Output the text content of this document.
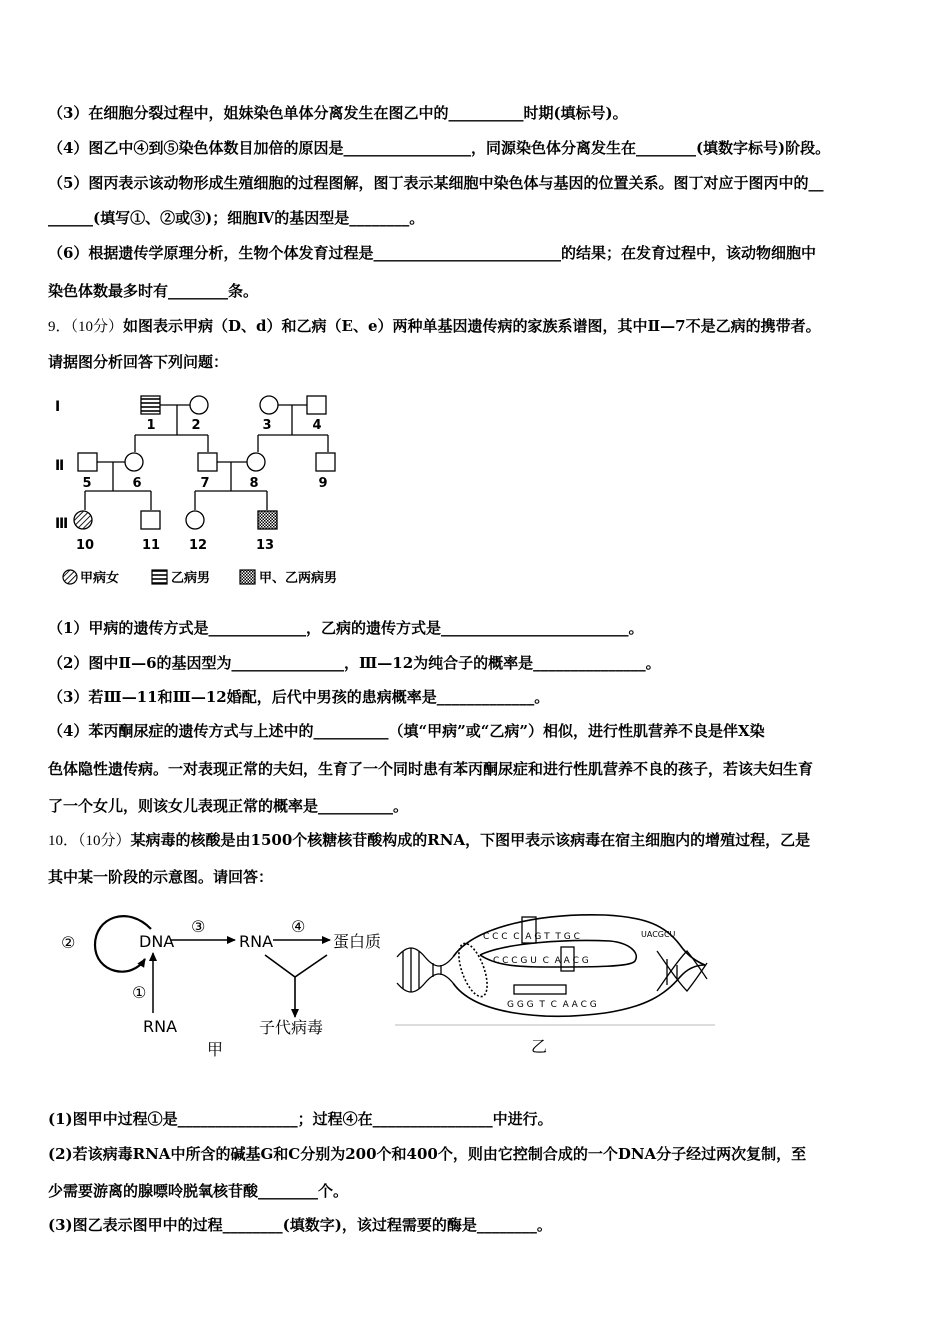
（3）在细胞分裂过程中，姐妹染色单体分离发生在图乙中的__________时期(填标号)。
（4）图乙中④到⑤染色体数目加倍的原因是_________________，同源染色体分离发生在________(填数字标号)阶段。
（5）图丙表示该动物形成生殖细胞的过程图解，图丁表示某细胞中染色体与基因的位置关系。图丁对应于图丙中的__
______(填写①、②或③)；细胞Ⅳ的基因型是________。
（6）根据遗传学原理分析，生物个体发育过程是_________________________的结果；在发育过程中，该动物细胞中
染色体数最多时有________条。
9．（10分）如图表示甲病（D、d）和乙病（E、e）两种单基因遗传病的家族系谱图，其中Ⅱ—7不是乙病的携带者。
请据图分析回答下列问题：
Ⅰ
Ⅱ
Ⅲ
1	2	3	4
5	6	7	8	9
10	11 12	13
甲病女	乙病男	甲、乙两病男
（1）甲病的遗传方式是_____________，乙病的遗传方式是_________________________。
（2）图中Ⅱ—6的基因型为_______________，Ⅲ—12为纯合子的概率是_______________。
（3）若Ⅲ—11和Ⅲ—12婚配，后代中男孩的患病概率是_____________。
（4）苯丙酮尿症的遗传方式与上述中的__________（填“甲病”或“乙病”）相似，进行性肌营养不良是伴X染
色体隐性遗传病。一对表现正常的夫妇，生育了一个同时患有苯丙酮尿症和进行性肌营养不良的孩子，若该夫妇生育
了一个女儿，则该女儿表现正常的概率是__________。
10．（10分）某病毒的核酸是由1500个核糖核苷酸构成的RNA，下图甲表示该病毒在宿主细胞内的增殖过程，乙是
其中某一阶段的示意图。请回答：
②	DNA
③
RNA
④
蛋白质
①
RNA	子代病毒
甲
C C C  C  A G T  T G C
C C C G U  C  A A C G
G G G  T  C  A A C G
UACGCU
乙
(1)图甲中过程①是________________；过程④在________________中进行。
(2)若该病毒RNA中所含的碱基G和C分别为200个和400个，则由它控制合成的一个DNA分子经过两次复制，至
少需要游离的腺嘌呤脱氧核苷酸________个。
(3)图乙表示图甲中的过程________(填数字)，该过程需要的酶是________。
